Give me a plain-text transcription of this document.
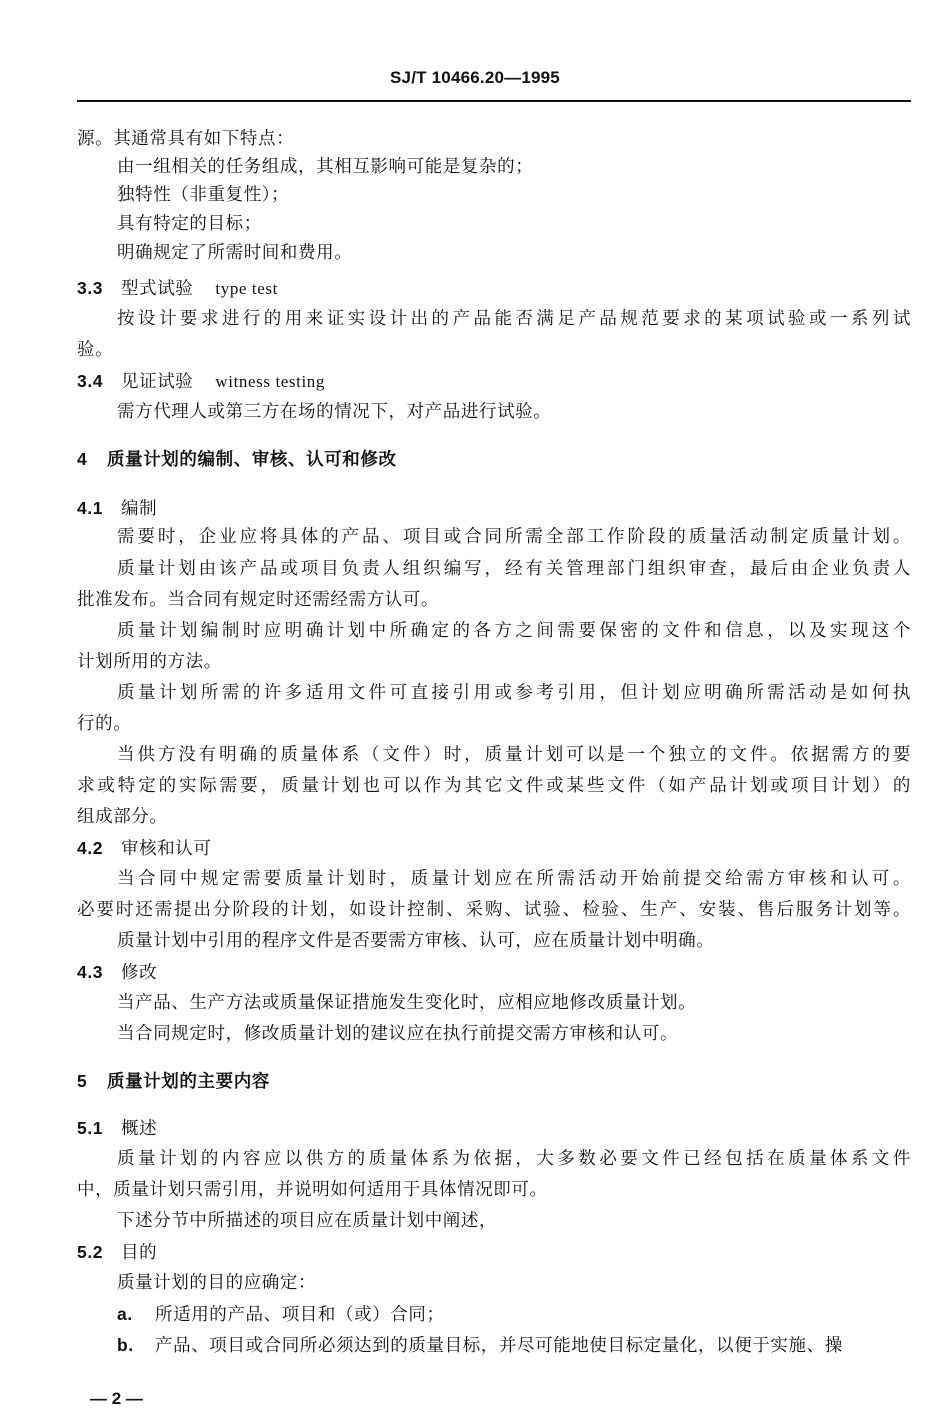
SJ/T 10466.20—1995
源。其通常具有如下特点：
由一组相关的任务组成，其相互影响可能是复杂的；
独特性（非重复性）；
具有特定的目标；
明确规定了所需时间和费用。
3.3 型式试验 type test
按设计要求进行的用来证实设计出的产品能否满足产品规范要求的某项试验或一系列试
验。
3.4 见证试验 witness testing
需方代理人或第三方在场的情况下，对产品进行试验。
4 质量计划的编制、审核、认可和修改
4.1 编制
需要时，企业应将具体的产品、项目或合同所需全部工作阶段的质量活动制定质量计划。
质量计划由该产品或项目负责人组织编写，经有关管理部门组织审查，最后由企业负责人
批准发布。当合同有规定时还需经需方认可。
质量计划编制时应明确计划中所确定的各方之间需要保密的文件和信息，以及实现这个
计划所用的方法。
质量计划所需的许多适用文件可直接引用或参考引用，但计划应明确所需活动是如何执
行的。
当供方没有明确的质量体系（文件）时，质量计划可以是一个独立的文件。依据需方的要
求或特定的实际需要，质量计划也可以作为其它文件或某些文件（如产品计划或项目计划）的
组成部分。
4.2 审核和认可
当合同中规定需要质量计划时，质量计划应在所需活动开始前提交给需方审核和认可。
必要时还需提出分阶段的计划，如设计控制、采购、试验、检验、生产、安装、售后服务计划等。
质量计划中引用的程序文件是否要需方审核、认可，应在质量计划中明确。
4.3 修改
当产品、生产方法或质量保证措施发生变化时，应相应地修改质量计划。
当合同规定时，修改质量计划的建议应在执行前提交需方审核和认可。
5 质量计划的主要内容
5.1 概述
质量计划的内容应以供方的质量体系为依据，大多数必要文件已经包括在质量体系文件
中，质量计划只需引用，并说明如何适用于具体情况即可。
下述分节中所描述的项目应在质量计划中阐述，
5.2 目的
质量计划的目的应确定：
a. 所适用的产品、项目和（或）合同；
b. 产品、项目或合同所必须达到的质量目标，并尽可能地使目标定量化，以便于实施、操
— 2 —
